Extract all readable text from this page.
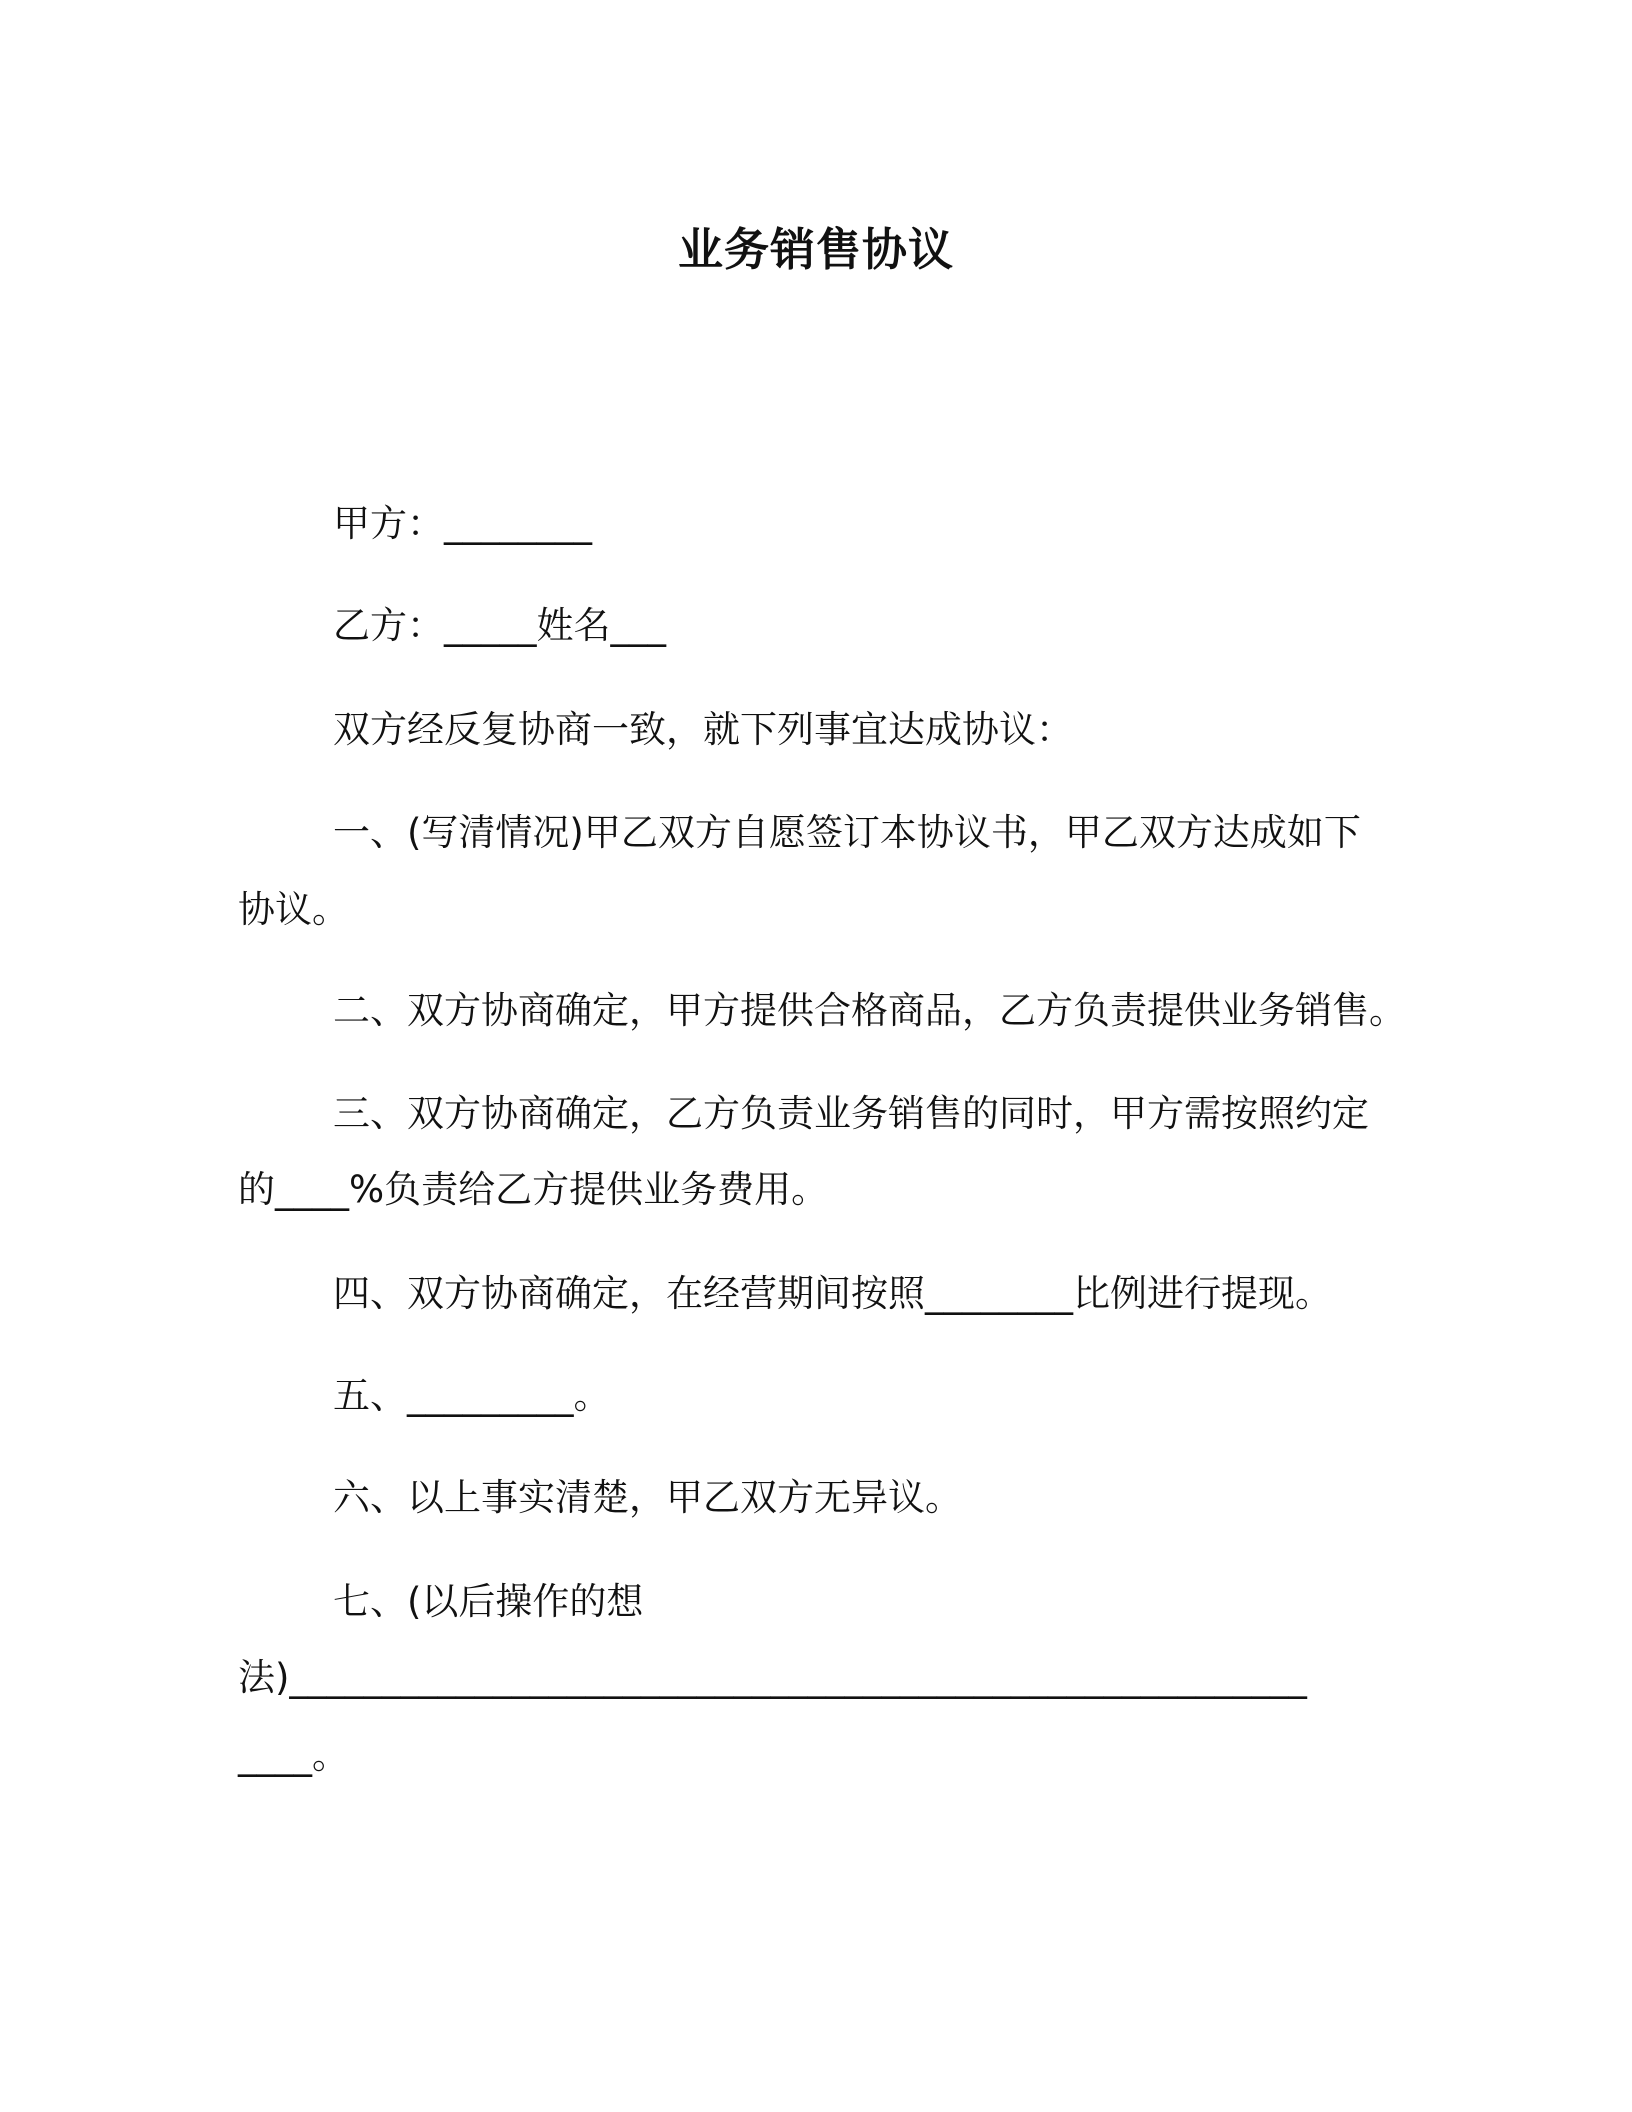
业务销售协议
甲方：________
乙方：_____姓名___
双方经反复协商一致，就下列事宜达成协议：
一、(写清情况)甲乙双方自愿签订本协议书，甲乙双方达成如下
协议。
二、双方协商确定，甲方提供合格商品，乙方负责提供业务销售。
三、双方协商确定，乙方负责业务销售的同时，甲方需按照约定
的____%负责给乙方提供业务费用。
四、双方协商确定，在经营期间按照________比例进行提现。
五、_________。
六、以上事实清楚，甲乙双方无异议。
七、(以后操作的想
法)_______________________________________________________
____。
